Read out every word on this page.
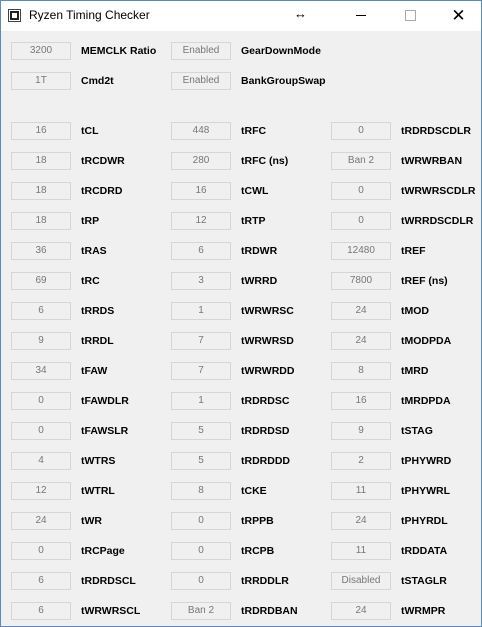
Ryzen Timing Checker	↔	✕
3200	MEMCLK Ratio	Enabled	GearDownMode
1T	Cmd2t	Enabled	BankGroupSwap
16	tCL	448	tRFC	0	tRDRDSCDLR
18	tRCDWR	280	tRFC (ns)	Ban 2	tWRWRBAN
18	tRCDRD	16	tCWL	0	tWRWRSCDLR
18	tRP	12	tRTP	0	tWRRDSCDLR
36	tRAS	6	tRDWR	12480	tREF
69	tRC	3	tWRRD	7800	tREF (ns)
6	tRRDS	1	tWRWRSC	24	tMOD
9	tRRDL	7	tWRWRSD	24	tMODPDA
34	tFAW	7	tWRWRDD	8	tMRD
0	tFAWDLR	1	tRDRDSC	16	tMRDPDA
0	tFAWSLR	5	tRDRDSD	9	tSTAG
4	tWTRS	5	tRDRDDD	2	tPHYWRD
12	tWTRL	8	tCKE	11	tPHYWRL
24	tWR	0	tRPPB	24	tPHYRDL
0	tRCPage	0	tRCPB	11	tRDDATA
6	tRDRDSCL	0	tRRDDLR	Disabled	tSTAGLR
6	tWRWRSCL	Ban 2	tRDRDBAN	24	tWRMPR
